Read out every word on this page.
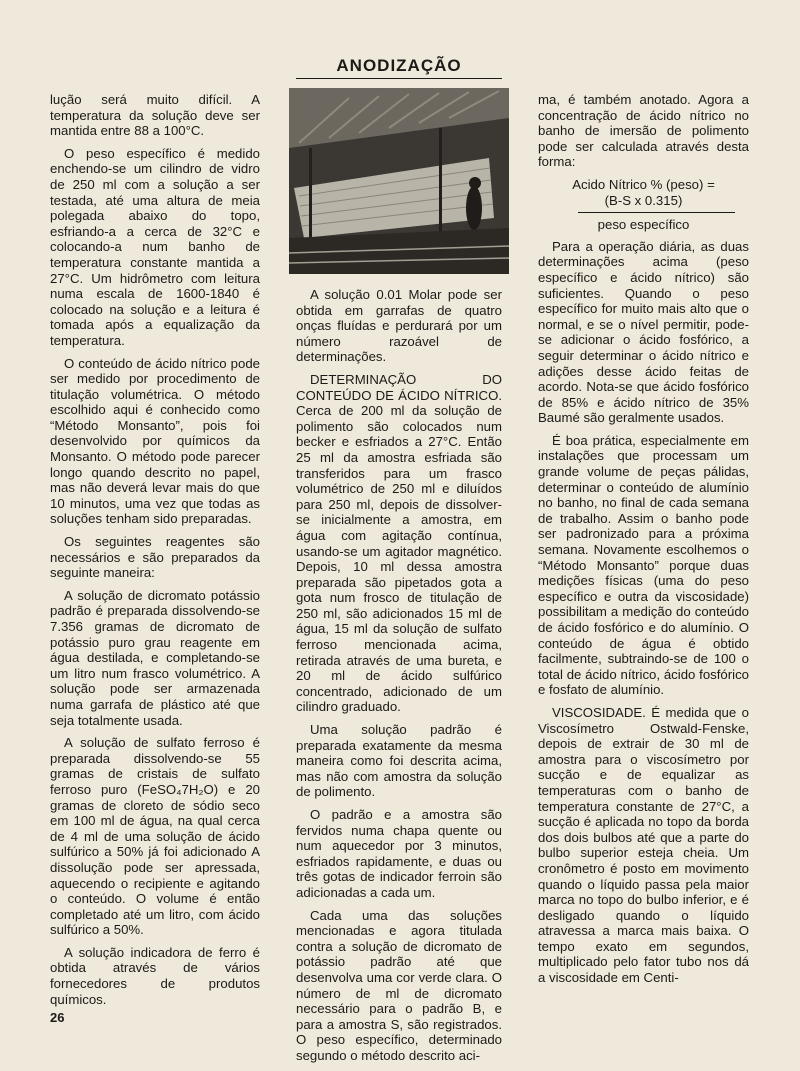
ANODIZAÇÃO

lução será muito difícil. A temperatura da solução deve ser mantida entre 88 a 100°C.

O peso específico é medido enchendo-se um cilindro de vidro de 250 ml com a solução a ser testada, até uma altura de meia polegada abaixo do topo, esfriando-a a cerca de 32°C e colocando-a num banho de temperatura constante mantida a 27°C. Um hidrômetro com leitura numa escala de 1600-1840 é colocado na solução e a leitura é tomada após a equalização da temperatura.

O conteúdo de ácido nítrico pode ser medido por procedimento de titulação volumétrica. O método escolhido aqui é conhecido como “Método Monsanto”, pois foi desenvolvido por químicos da Monsanto. O método pode parecer longo quando descrito no papel, mas não deverá levar mais do que 10 minutos, uma vez que todas as soluções tenham sido preparadas.

Os seguintes reagentes são necessários e são preparados da seguinte maneira:

A solução de dicromato potássio padrão é preparada dissolvendo-se 7.356 gramas de dicromato de potássio puro grau reagente em água destilada, e completando-se um litro num frasco volumétrico. A solução pode ser armazenada numa garrafa de plástico até que seja totalmente usada.

A solução de sulfato ferroso é preparada dissolvendo-se 55 gramas de cristais de sulfato ferroso puro (FeSO₄7H₂O) e 20 gramas de cloreto de sódio seco em 100 ml de água, na qual cerca de 4 ml de uma solução de ácido sulfúrico a 50% já foi adicionado A dissolução pode ser apressada, aquecendo o recipiente e agitando o conteúdo. O volume é então completado até um litro, com ácido sulfúrico a 50%.

A solução indicadora de ferro é obtida através de vários fornecedores de produtos químicos.

A solução 0.01 Molar pode ser obtida em garrafas de quatro onças fluídas e perdurará por um número razoável de determinações.

DETERMINAÇÃO DO CONTEÚDO DE ÁCIDO NÍTRICO. Cerca de 200 ml da solução de polimento são colocados num becker e esfriados a 27°C. Então 25 ml da amostra esfriada são transferidos para um frasco volumétrico de 250 ml e diluídos para 250 ml, depois de dissolver-se inicialmente a amostra, em água com agitação contínua, usando-se um agitador magnético. Depois, 10 ml dessa amostra preparada são pipetados gota a gota num frosco de titulação de 250 ml, são adicionados 15 ml de água, 15 ml da solução de sulfato ferroso mencionada acima, retirada através de uma bureta, e 20 ml de ácido sulfúrico concentrado, adicionado de um cilindro graduado.

Uma solução padrão é preparada exatamente da mesma maneira como foi descrita acima, mas não com amostra da solução de polimento.

O padrão e a amostra são fervidos numa chapa quente ou num aquecedor por 3 minutos, esfriados rapidamente, e duas ou três gotas de indicador ferroin são adicionadas a cada um.

Cada uma das soluções mencionadas e agora titulada contra a solução de dicromato de potássio padrão até que desenvolva uma cor verde clara. O número de ml de dicromato necessário para o padrão B, e para a amostra S, são registrados. O peso específico, determinado segundo o método descrito aci-

ma, é também anotado. Agora a concentração de ácido nítrico no banho de imersão de polimento pode ser calculada através desta forma:

Acido Nítrico % (peso) =
(B-S x 0.315)
peso específico

Para a operação diária, as duas determinações acima (peso específico e ácido nítrico) são suficientes. Quando o peso específico for muito mais alto que o normal, e se o nível permitir, pode-se adicionar o ácido fosfórico, a seguir determinar o ácido nítrico e adições desse ácido feitas de acordo. Nota-se que ácido fosfórico de 85% e ácido nítrico de 35% Baumé são geralmente usados.

É boa prática, especialmente em instalações que processam um grande volume de peças pálidas, determinar o conteúdo de alumínio no banho, no final de cada semana de trabalho. Assim o banho pode ser padronizado para a próxima semana. Novamente escolhemos o “Método Monsanto” porque duas medições físicas (uma do peso específico e outra da viscosidade) possibilitam a medição do conteúdo de ácido fosfórico e do alumínio. O conteúdo de água é obtido facilmente, subtraindo-se de 100 o total de ácido nítrico, ácido fosfórico e fosfato de alumínio.

VISCOSIDADE. É medida que o Viscosímetro Ostwald-Fenske, depois de extrair de 30 ml de amostra para o viscosímetro por sucção e de equalizar as temperaturas com o banho de temperatura constante de 27°C, a sucção é aplicada no topo da borda dos dois bulbos até que a parte do bulbo superior esteja cheia. Um cronômetro é posto em movimento quando o líquido passa pela maior marca no topo do bulbo inferior, e é desligado quando o líquido atravessa a marca mais baixa. O tempo exato em segundos, multiplicado pelo fator tubo nos dá a viscosidade em Centi-

26
